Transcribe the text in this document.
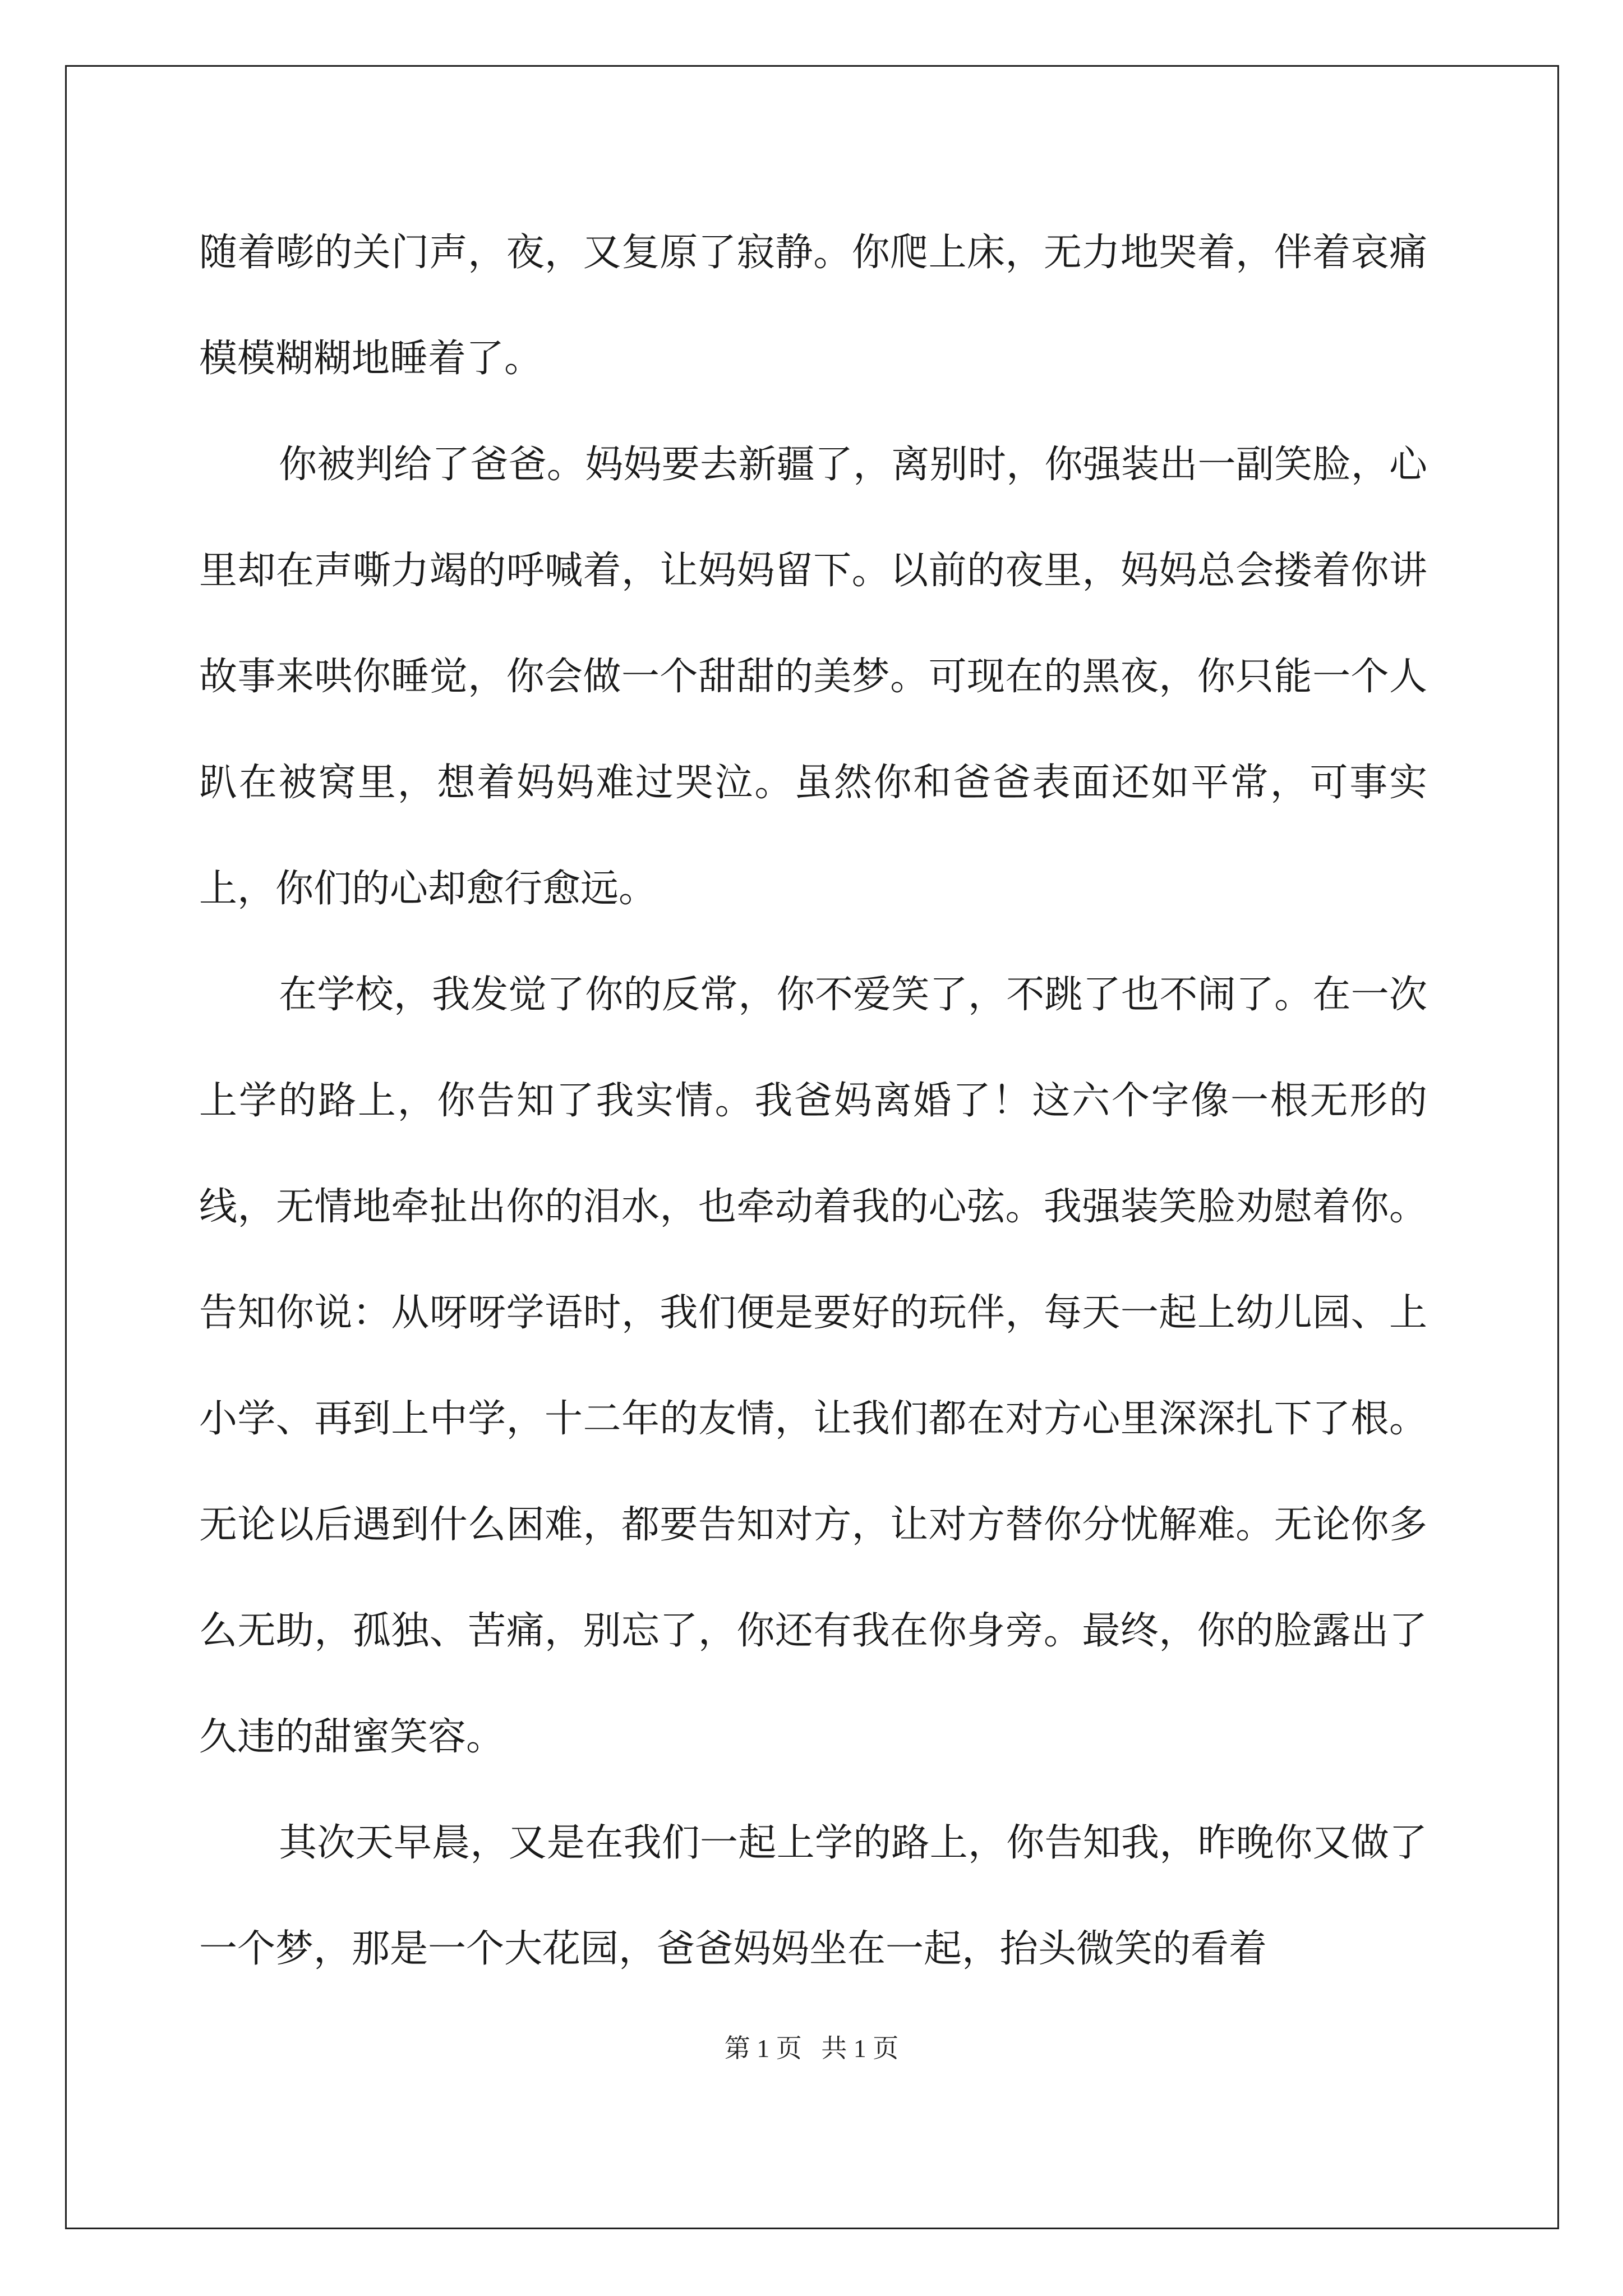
随着嘭的关门声，夜，又复原了寂静。你爬上床，无力地哭着，伴着哀痛模模糊糊地睡着了。

你被判给了爸爸。妈妈要去新疆了，离别时，你强装出一副笑脸，心里却在声嘶力竭的呼喊着，让妈妈留下。以前的夜里，妈妈总会搂着你讲故事来哄你睡觉，你会做一个甜甜的美梦。可现在的黑夜，你只能一个人趴在被窝里，想着妈妈难过哭泣。虽然你和爸爸表面还如平常，可事实上，你们的心却愈行愈远。

在学校，我发觉了你的反常，你不爱笑了，不跳了也不闹了。在一次上学的路上，你告知了我实情。我爸妈离婚了！这六个字像一根无形的线，无情地牵扯出你的泪水，也牵动着我的心弦。我强装笑脸劝慰着你。告知你说：从呀呀学语时，我们便是要好的玩伴，每天一起上幼儿园、上小学、再到上中学，十二年的友情，让我们都在对方心里深深扎下了根。无论以后遇到什么困难，都要告知对方，让对方替你分忧解难。无论你多么无助，孤独、苦痛，别忘了，你还有我在你身旁。最终，你的脸露出了久违的甜蜜笑容。

其次天早晨，又是在我们一起上学的路上，你告知我，昨晚你又做了一个梦，那是一个大花园，爸爸妈妈坐在一起，抬头微笑的看着

第 1 页   共 1 页
